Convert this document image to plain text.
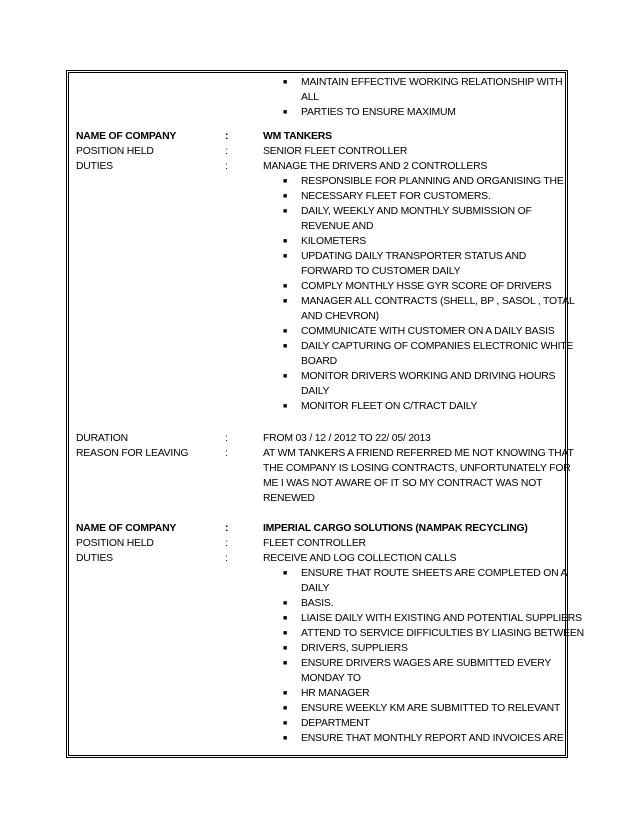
■ MAINTAIN EFFECTIVE WORKING RELATIONSHIP WITH
ALL
■ PARTIES TO ENSURE MAXIMUM
NAME OF COMPANY	:	WM TANKERS
POSITION HELD	:	SENIOR FLEET CONTROLLER
DUTIES	:	MANAGE THE DRIVERS AND 2 CONTROLLERS
■ RESPONSIBLE FOR PLANNING AND ORGANISING THE
■ NECESSARY FLEET FOR CUSTOMERS.
■ DAILY, WEEKLY AND MONTHLY SUBMISSION OF
REVENUE AND
■ KILOMETERS
■ UPDATING DAILY TRANSPORTER STATUS AND
FORWARD TO CUSTOMER DAILY
■ COMPLY MONTHLY HSSE GYR SCORE OF DRIVERS
■ MANAGER ALL CONTRACTS (SHELL, BP , SASOL , TOTAL
AND CHEVRON)
■ COMMUNICATE WITH CUSTOMER ON A DAILY BASIS
■ DAILY CAPTURING OF COMPANIES ELECTRONIC WHITE
BOARD
■ MONITOR DRIVERS WORKING AND DRIVING HOURS
DAILY
■ MONITOR FLEET ON C/TRACT DAILY
DURATION	:	FROM 03 / 12 / 2012 TO 22/ 05/ 2013
REASON FOR LEAVING	:	AT WM TANKERS A FRIEND REFERRED ME NOT KNOWING THAT
THE COMPANY IS LOSING CONTRACTS, UNFORTUNATELY FOR
ME I WAS NOT AWARE OF IT SO MY CONTRACT WAS NOT
RENEWED
NAME OF COMPANY	:	IMPERIAL CARGO SOLUTIONS (NAMPAK RECYCLING)
POSITION HELD	:	FLEET CONTROLLER
DUTIES	:	RECEIVE AND LOG COLLECTION CALLS
■ ENSURE THAT ROUTE SHEETS ARE COMPLETED ON A
DAILY
■ BASIS.
■ LIAISE DAILY WITH EXISTING AND POTENTIAL SUPPLIERS
■ ATTEND TO SERVICE DIFFICULTIES BY LIASING BETWEEN
■ DRIVERS, SUPPLIERS
■ ENSURE DRIVERS WAGES ARE SUBMITTED EVERY
MONDAY TO
■ HR MANAGER
■ ENSURE WEEKLY KM ARE SUBMITTED TO RELEVANT
■ DEPARTMENT
■ ENSURE THAT MONTHLY REPORT AND INVOICES ARE
